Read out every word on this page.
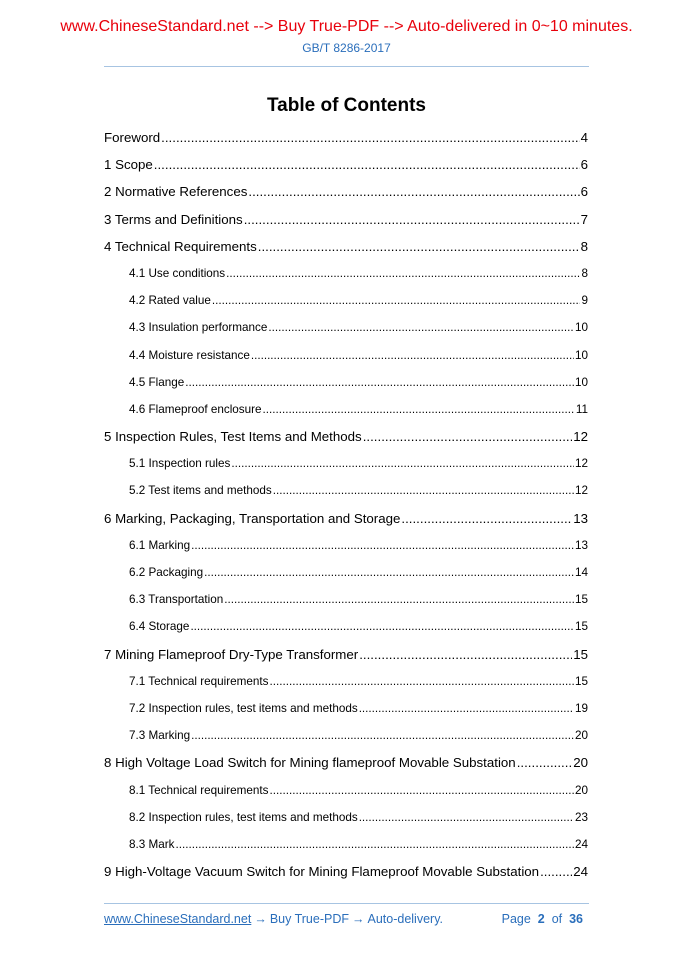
www.ChineseStandard.net --> Buy True-PDF --> Auto-delivered in 0~10 minutes.
GB/T 8286-2017
Table of Contents
Foreword .....	4
1 Scope .....	6
2 Normative References .....	6
3 Terms and Definitions .....	7
4 Technical Requirements .....	8
4.1 Use conditions .....	8
4.2 Rated value .....	9
4.3 Insulation performance .....	10
4.4 Moisture resistance .....	10
4.5 Flange .....	10
4.6 Flameproof enclosure .....	11
5 Inspection Rules, Test Items and Methods .....	12
5.1 Inspection rules .....	12
5.2 Test items and methods .....	12
6 Marking, Packaging, Transportation and Storage .....	13
6.1 Marking .....	13
6.2 Packaging .....	14
6.3 Transportation .....	15
6.4 Storage .....	15
7 Mining Flameproof Dry-Type Transformer .....	15
7.1 Technical requirements .....	15
7.2 Inspection rules, test items and methods .....	19
7.3 Marking .....	20
8 High Voltage Load Switch for Mining flameproof Movable Substation .....	20
8.1 Technical requirements .....	20
8.2 Inspection rules, test items and methods .....	23
8.3 Mark .....	24
9 High-Voltage Vacuum Switch for Mining Flameproof Movable Substation .....	24
www.ChineseStandard.net → Buy True-PDF → Auto-delivery.	Page 2 of 36
